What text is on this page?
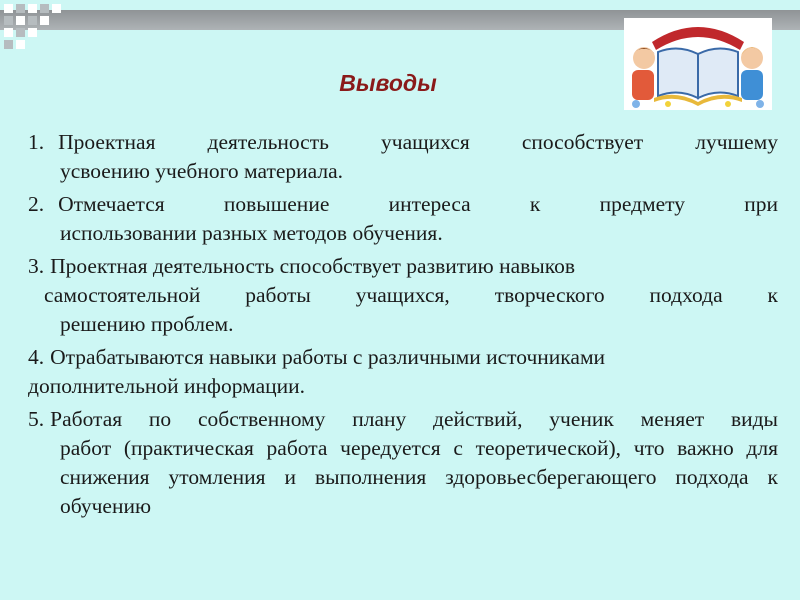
Выводы
1. Проектная деятельность учащихся способствует лучшему
усвоению учебного материала.
2. Отмечается повышение интереса к предмету при
использовании разных методов обучения.
3. Проектная деятельность способствует развитию навыков
самостоятельной работы учащихся, творческого подхода к
решению проблем.
4. Отрабатываются навыки работы с различными источниками
дополнительной информации.
5. Работая по собственному плану действий, ученик меняет виды
работ (практическая работа чередуется с теоретической), что важно для снижения утомления и выполнения здоровьесберегающего подхода к обучению
